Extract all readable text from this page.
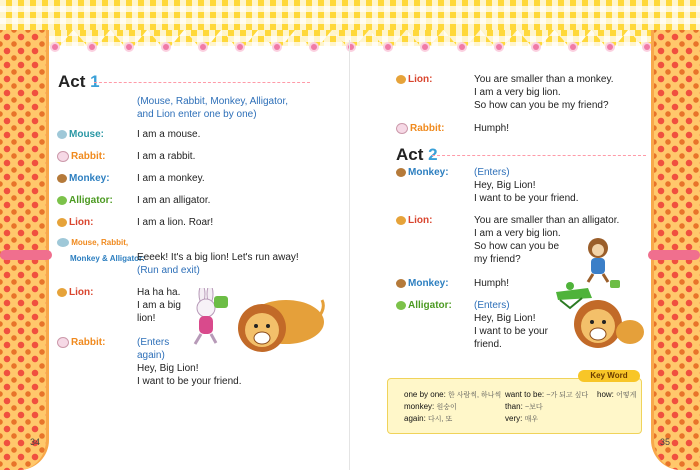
Act 1
(Mouse, Rabbit, Monkey, Alligator,
and Lion enter one by one)
Mouse:	I am a mouse.
Rabbit:	I am a rabbit.
Monkey:	I am a monkey.
Alligator: I am an alligator.
Lion:	I am a lion. Roar!
Mouse, Rabbit,
Monkey & Alligator:
Eeeek! It's a big lion! Let's run away!
(Run and exit)
Lion:	Ha ha ha.
I am a big
lion!
Rabbit:	(Enters
again)
Hey, Big Lion!
I want to be your friend.
34
Lion:	You are smaller than a monkey.
I am a very big lion.
So how can you be my friend?
Rabbit:	Humph!
Act 2
Monkey:	(Enters)
Hey, Big Lion!
I want to be your friend.
Lion:	You are smaller than an alligator.
I am a very big lion.
So how can you be
my friend?
Monkey:	Humph!
Alligator: (Enters)
Hey, Big Lion!
I want to be your
friend.
Key Word
one by one: 한 사람씩, 하나씩
monkey: 원숭이
again: 다시, 또
want to be: ~가 되고 싶다
than: ~보다
very: 매우
how: 어떻게
35
